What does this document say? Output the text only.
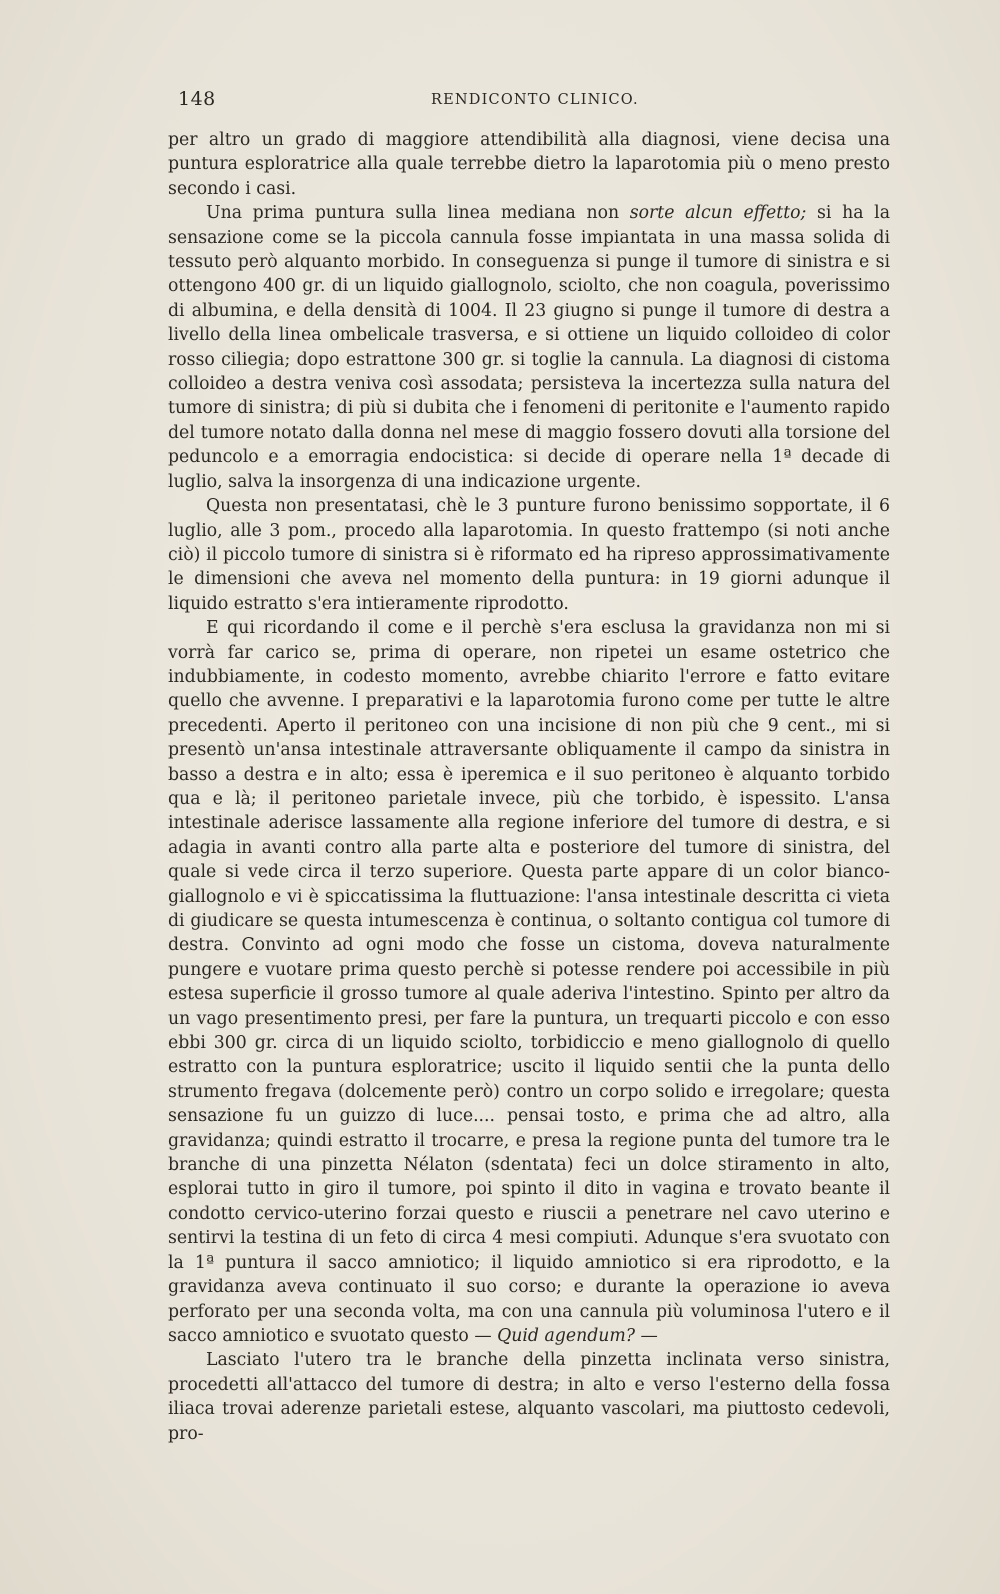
148	RENDICONTO CLINICO.

per altro un grado di maggiore attendibilità alla diagnosi, viene decisa una puntura esploratrice alla quale terrebbe dietro la laparotomia più o meno presto secondo i casi.

Una prima puntura sulla linea mediana non sorte alcun effetto; si ha la sensazione come se la piccola cannula fosse impiantata in una massa solida di tessuto però alquanto morbido. In conseguenza si punge il tumore di sinistra e si ottengono 400 gr. di un liquido giallognolo, sciolto, che non coagula, poverissimo di albumina, e della densità di 1004. Il 23 giugno si punge il tumore di destra a livello della linea ombelicale trasversa, e si ottiene un liquido colloideo di color rosso ciliegia; dopo estrattone 300 gr. si toglie la cannula. La diagnosi di cistoma colloideo a destra veniva così assodata; persisteva la incertezza sulla natura del tumore di sinistra; di più si dubita che i fenomeni di peritonite e l'aumento rapido del tumore notato dalla donna nel mese di maggio fossero dovuti alla torsione del peduncolo e a emorragia endocistica: si decide di operare nella 1ª decade di luglio, salva la insorgenza di una indicazione urgente.

Questa non presentatasi, chè le 3 punture furono benissimo sopportate, il 6 luglio, alle 3 pom., procedo alla laparotomia. In questo frattempo (si noti anche ciò) il piccolo tumore di sinistra si è riformato ed ha ripreso approssimativamente le dimensioni che aveva nel momento della puntura: in 19 giorni adunque il liquido estratto s'era intieramente riprodotto.

E qui ricordando il come e il perchè s'era esclusa la gravidanza non mi si vorrà far carico se, prima di operare, non ripetei un esame ostetrico che indubbiamente, in codesto momento, avrebbe chiarito l'errore e fatto evitare quello che avvenne. I preparativi e la laparotomia furono come per tutte le altre precedenti. Aperto il peritoneo con una incisione di non più che 9 cent., mi si presentò un'ansa intestinale attraversante obliquamente il campo da sinistra in basso a destra e in alto; essa è iperemica e il suo peritoneo è alquanto torbido qua e là; il peritoneo parietale invece, più che torbido, è ispessito. L'ansa intestinale aderisce lassamente alla regione inferiore del tumore di destra, e si adagia in avanti contro alla parte alta e posteriore del tumore di sinistra, del quale si vede circa il terzo superiore. Questa parte appare di un color bianco-giallognolo e vi è spiccatissima la fluttuazione: l'ansa intestinale descritta ci vieta di giudicare se questa intumescenza è continua, o soltanto contigua col tumore di destra. Convinto ad ogni modo che fosse un cistoma, doveva naturalmente pungere e vuotare prima questo perchè si potesse rendere poi accessibile in più estesa superficie il grosso tumore al quale aderiva l'intestino. Spinto per altro da un vago presentimento presi, per fare la puntura, un trequarti piccolo e con esso ebbi 300 gr. circa di un liquido sciolto, torbidiccio e meno giallognolo di quello estratto con la puntura esploratrice; uscito il liquido sentii che la punta dello strumento fregava (dolcemente però) contro un corpo solido e irregolare; questa sensazione fu un guizzo di luce.... pensai tosto, e prima che ad altro, alla gravidanza; quindi estratto il trocarre, e presa la regione punta del tumore tra le branche di una pinzetta Nélaton (sdentata) feci un dolce stiramento in alto, esplorai tutto in giro il tumore, poi spinto il dito in vagina e trovato beante il condotto cervico-uterino forzai questo e riuscii a penetrare nel cavo uterino e sentirvi la testina di un feto di circa 4 mesi compiuti. Adunque s'era svuotato con la 1ª puntura il sacco amniotico; il liquido amniotico si era riprodotto, e la gravidanza aveva continuato il suo corso; e durante la operazione io aveva perforato per una seconda volta, ma con una cannula più voluminosa l'utero e il sacco amniotico e svuotato questo — Quid agendum? —

Lasciato l'utero tra le branche della pinzetta inclinata verso sinistra, procedetti all'attacco del tumore di destra; in alto e verso l'esterno della fossa iliaca trovai aderenze parietali estese, alquanto vascolari, ma piuttosto cedevoli, pro-
